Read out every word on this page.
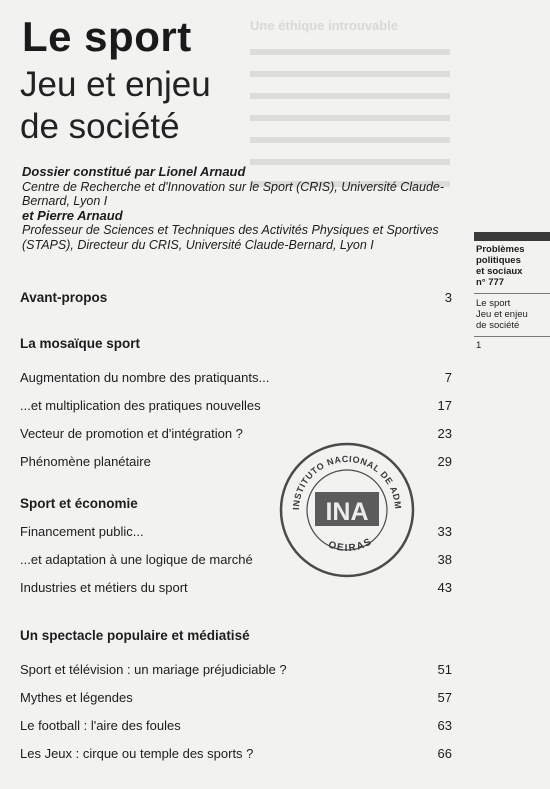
Une éthique introuvable
Le sport
Jeu et enjeu
de société
Dossier constitué par Lionel Arnaud
Centre de Recherche et d'Innovation sur le Sport (CRIS), Université Claude-Bernard, Lyon I
et Pierre Arnaud
Professeur de Sciences et Techniques des Activités Physiques et Sportives (STAPS), Directeur du CRIS, Université Claude-Bernard, Lyon I
Avant-propos	3
La mosaïque sport
Augmentation du nombre des pratiquants...	7
...et multiplication des pratiques nouvelles	17
Vecteur de promotion et d'intégration ?	23
Phénomène planétaire	29
Sport et économie
Financement public...	33
...et adaptation à une logique de marché	38
Industries et métiers du sport	43
Un spectacle populaire et médiatisé
Sport et télévision : un mariage préjudiciable ?	51
Mythes et légendes	57
Le football : l'aire des foules	63
Les Jeux : cirque ou temple des sports ?	66
Problèmes
politiques
et sociaux
n° 777
Le sport
Jeu et enjeu
de société
1
INSTITUTO NACIONAL DE ADM
OEIRAS
INA
